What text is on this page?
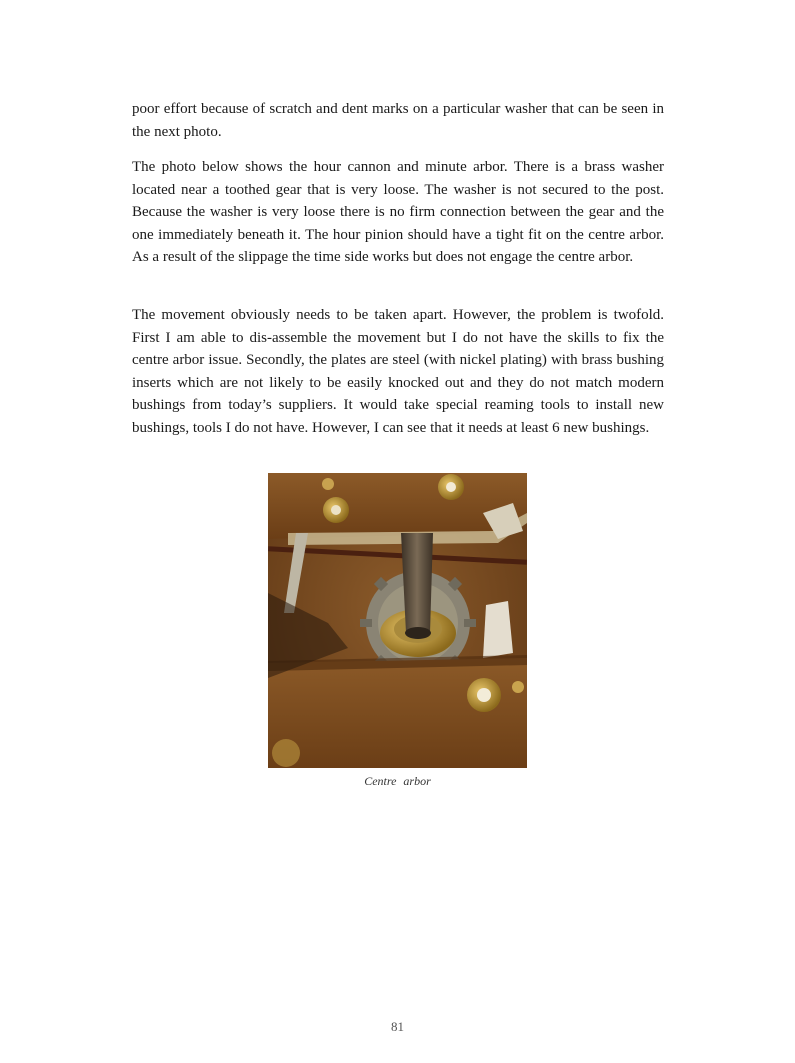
poor effort because of scratch and dent marks on a particular washer that can be seen in the next photo.

The photo below shows the hour cannon and minute arbor. There is a brass washer located near a toothed gear that is very loose. The washer is not secured to the post. Because the washer is very loose there is no firm connection between the gear and the one immediately beneath it. The hour pinion should have a tight fit on the centre arbor. As a result of the slippage the time side works but does not engage the centre arbor.

The movement obviously needs to be taken apart. However, the problem is twofold. First I am able to dis-assemble the movement but I do not have the skills to fix the centre arbor issue. Secondly, the plates are steel (with nickel plating) with brass bushing inserts which are not likely to be easily knocked out and they do not match modern bushings from today’s suppliers. It would take special reaming tools to install new bushings, tools I do not have. However, I can see that it needs at least 6 new bushings.

Centre arbor
81
